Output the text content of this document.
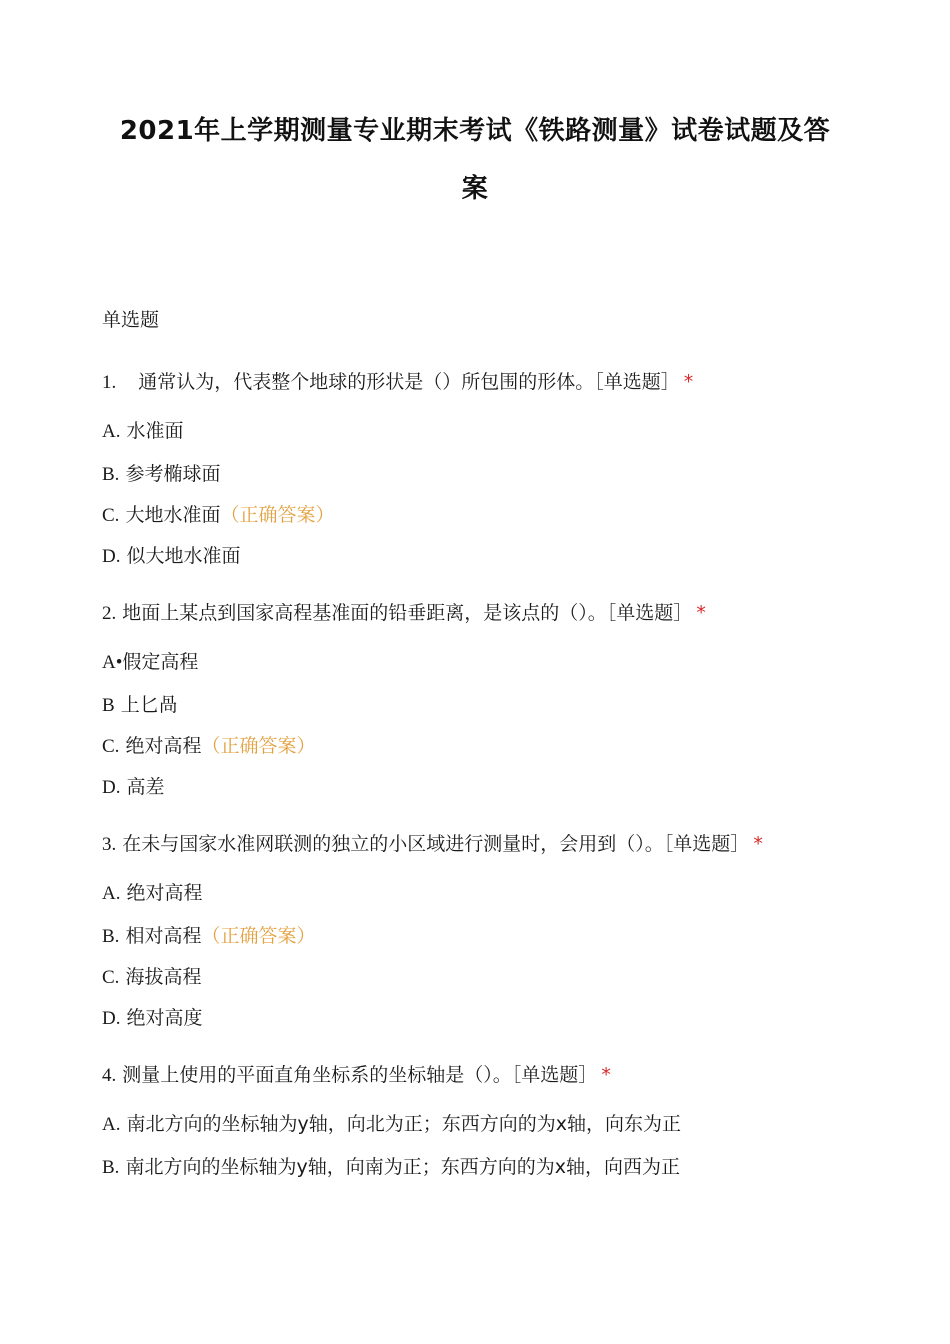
2021年上学期测量专业期末考试《铁路测量》试卷试题及答
案
单选题
1. 通常认为，代表整个地球的形状是（）所包围的形体。［单选题］ *
A. 水准面
B. 参考椭球面
C. 大地水准面（正确答案）
D. 似大地水准面
2. 地面上某点到国家高程基准面的铅垂距离，是该点的（）。［单选题］ *
A•假定高程
B 上匕咼
C. 绝对高程（正确答案）
D. 高差
3. 在未与国家水准网联测的独立的小区域进行测量时，会用到（）。［单选题］ *
A. 绝对高程
B. 相对高程（正确答案）
C. 海拔高程
D. 绝对高度
4. 测量上使用的平面直角坐标系的坐标轴是（）。［单选题］ *
A. 南北方向的坐标轴为y轴，向北为正；东西方向的为x轴，向东为正
B. 南北方向的坐标轴为y轴，向南为正；东西方向的为x轴，向西为正
